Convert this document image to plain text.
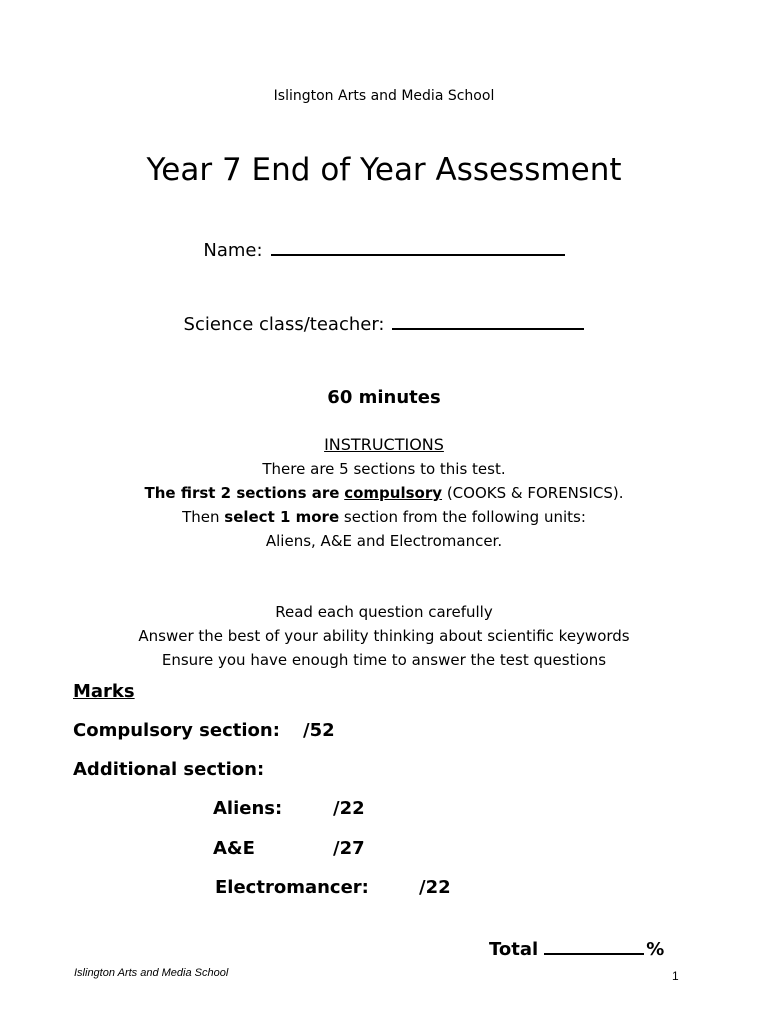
Islington Arts and Media School
Year 7 End of Year Assessment
Name:
Science class/teacher:
60 minutes
INSTRUCTIONS
There are 5 sections to this test.
The first 2 sections are compulsory (COOKS & FORENSICS).
Then select 1 more section from the following units:
Aliens, A&E and Electromancer.
Read each question carefully
Answer the best of your ability thinking about scientific keywords
Ensure you have enough time to answer the test questions
Marks
Compulsory section: /52
Additional section:
Aliens:	/22
A&E	/27
Electromancer:	/22
Total	%
Islington Arts and Media School	1
